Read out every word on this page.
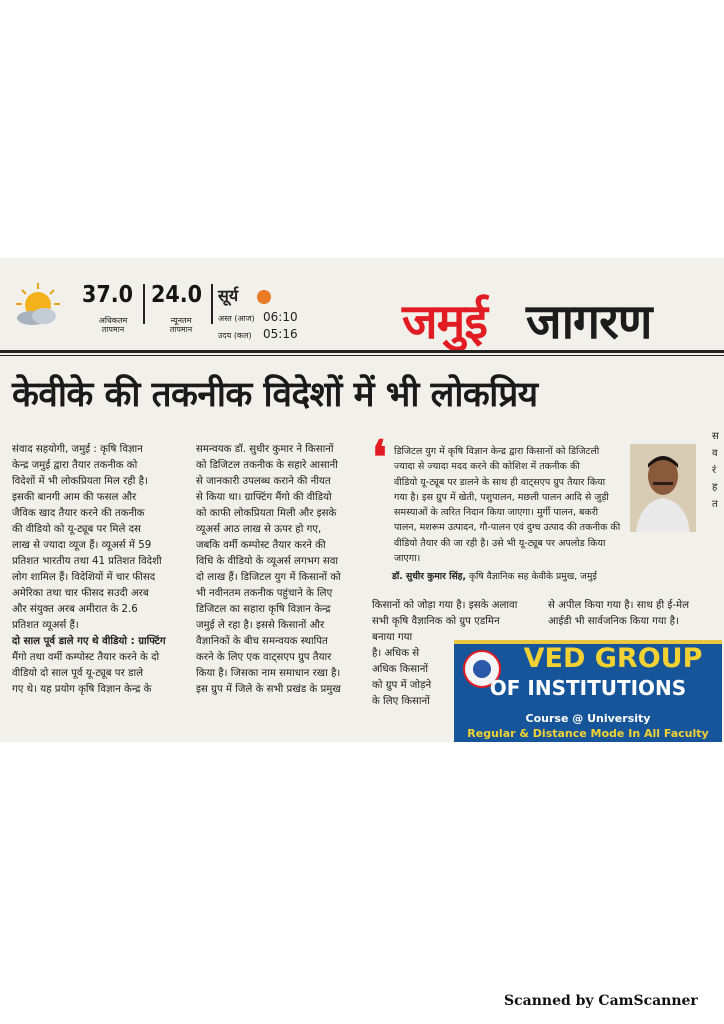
37.0
अधिकतम
तापमान
24.0
न्यूनतम
तापमान
सूर्य
अस्त (आज) 06:10
उदय (कल) 05:16 जमुई जागरण
केवीके की तकनीक विदेशों में भी लोकप्रिय

संवाद सहयोगी, जमुई : कृषि विज्ञान

केन्द्र जमुई द्वारा तैयार तकनीक को

विदेशों में भी लोकप्रियता मिल रही है।

इसकी बानगी आम की फसल और

जैविक खाद तैयार करने की तकनीक

की वीडियो को यू-ट्यूब पर मिले दस

लाख से ज्यादा व्यूज हैं। व्यूअर्स में 59

प्रतिशत भारतीय तथा 41 प्रतिशत विदेशी

लोग शामिल हैं। विदेशियों में चार फीसद

अमेरिका तथा चार फीसद सउदी अरब

और संयुक्त अरब अमीरात के 2.6

प्रतिशत व्यूअर्स हैं।

दो साल पूर्व डाले गए थे वीडियो : ग्राफ्टिंग

मैंगो तथा वर्मी कम्पोस्ट तैयार करने के दो

वीडियो दो साल पूर्व यू-ट्यूब पर डाले

गए थे। यह प्रयोग कृषि विज्ञान केन्द्र के

समन्वयक डॉ. सुधीर कुमार ने किसानों

को डिजिटल तकनीक के सहारे आसानी

से जानकारी उपलब्ध कराने की नीयत

से किया था। ग्राफ्टिंग मैंगो की वीडियो

को काफी लोकप्रियता मिली और इसके

व्यूअर्स आठ लाख से ऊपर हो गए,

जबकि वर्मी कम्पोस्ट तैयार करने की

विधि के वीडियो के व्यूअर्स लगभग सवा

दो लाख हैं। डिजिटल युग में किसानों को

भी नवीनतम तकनीक पहुंचाने के लिए

डिजिटल का सहारा कृषि विज्ञान केन्द्र

जमुई ले रहा है। इससे किसानों और

वैज्ञानिकों के बीच समन्वयक स्थापित

करने के लिए एक वाट्सएप ग्रुप तैयार

किया है। जिसका नाम समाधान रखा है।

इस ग्रुप में जिले के सभी प्रखंड के प्रमुख

❛ डिजिटल युग में कृषि विज्ञान केन्द्र द्वारा किसानों को डिजिटली
ज्यादा से ज्यादा मदद करने की कोशिश में तकनीक की
वीडियो यू-ट्यूब पर डालने के साथ ही वाट्सएप ग्रुप तैयार किया
गया है। इस ग्रुप में खेती, पशुपालन, मछली पालन आदि से जुड़ी
समस्याओं के त्वरित निदान किया जाएगा। मुर्गी पालन, बकरी
पालन, मशरूम उत्पादन, गौ-पालन एवं दुग्ध उत्पाद की तकनीक की
वीडियो तैयार की जा रही है। उसे भी यू-ट्यूब पर अपलोड किया जाएगा।
डॉ. सुधीर कुमार सिंह, कृषि वैज्ञानिक सह केवीके प्रमुख, जमुई

किसानों को जोड़ा गया है। इसके अलावा

सभी कृषि वैज्ञानिक को ग्रुप एडमिन

बनाया गया

है। अधिक से

अधिक किसानों

को ग्रुप में जोड़ने

के लिए किसानों

से अपील किया गया है। साथ ही ई-मेल

आईडी भी सार्वजनिक किया गया है।

VED GROUP
OF INSTITUTIONS
Course @ University
Regular & Distance Mode In All Faculty
स
व
रं
ह
त
Scanned by CamScanner
